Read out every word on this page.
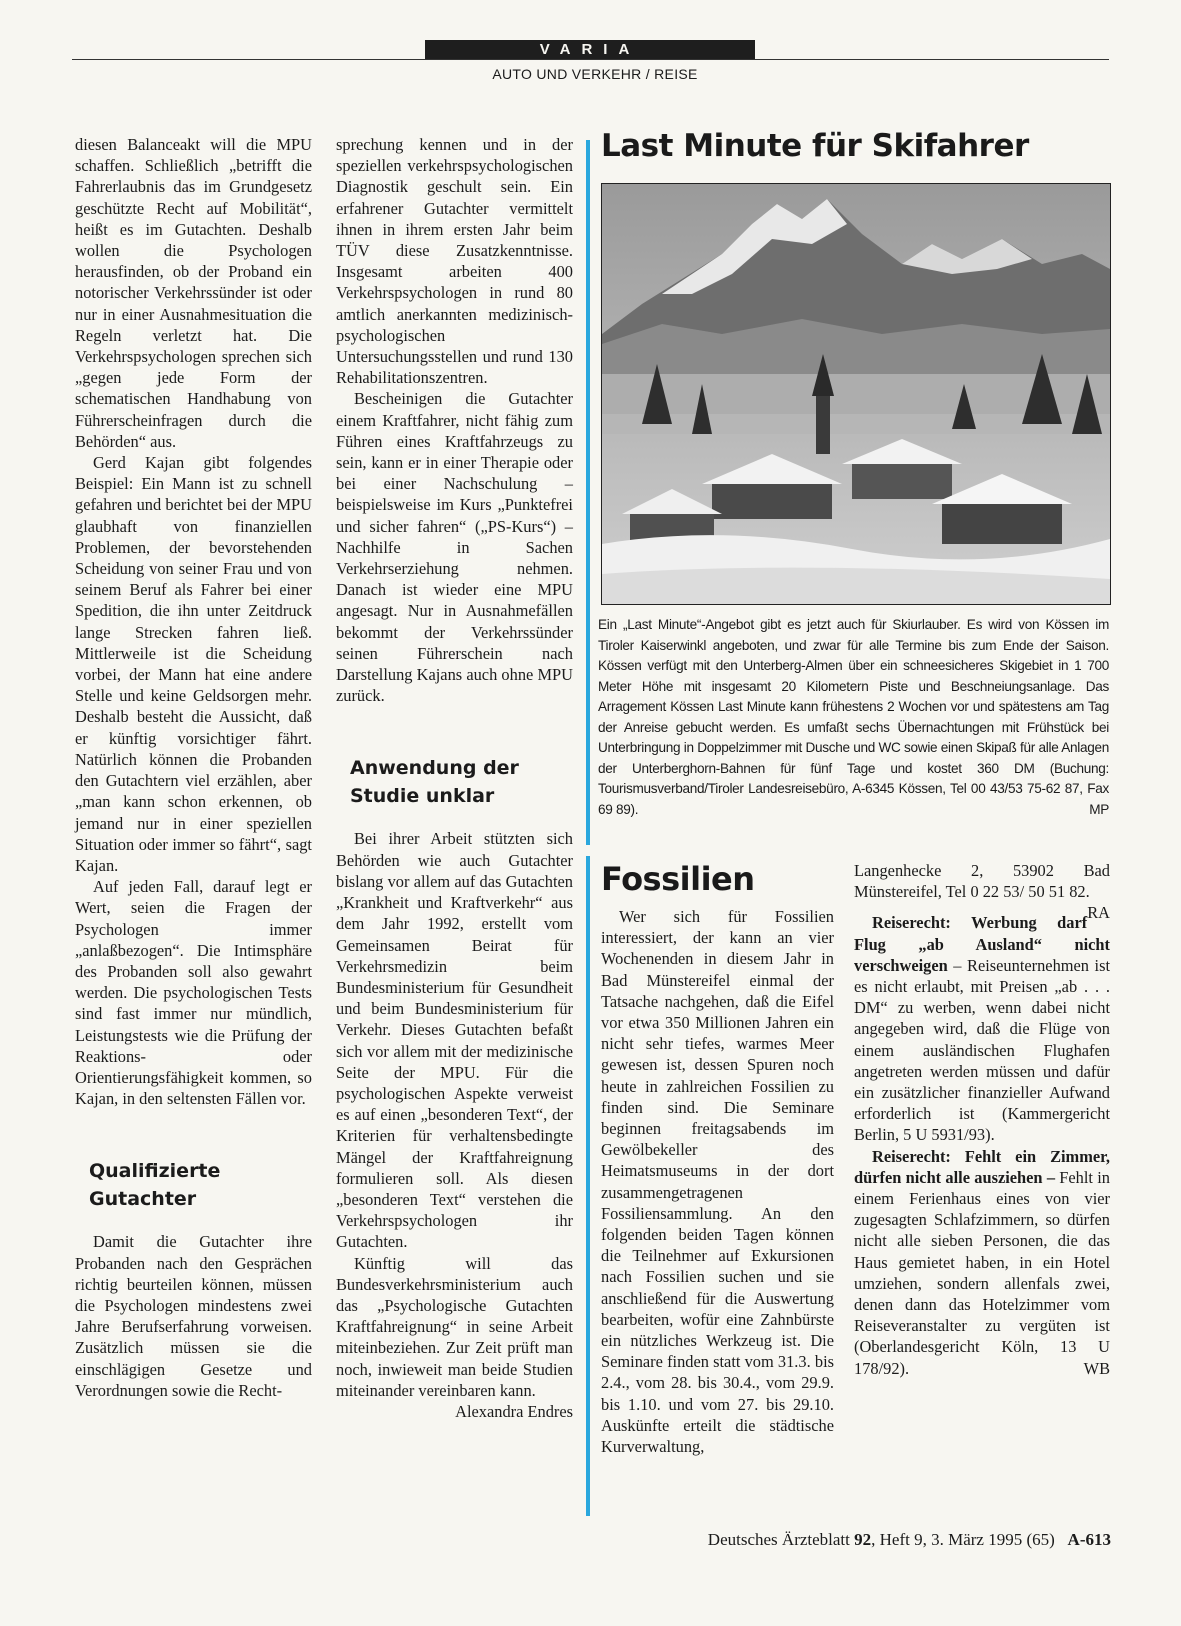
VARIA
AUTO UND VERKEHR / REISE

diesen Balanceakt will die MPU schaffen. Schließlich „betrifft die Fahrerlaubnis das im Grundgesetz geschützte Recht auf Mobilität“, heißt es im Gutachten. Deshalb wollen die Psychologen herausfinden, ob der Proband ein notorischer Verkehrssünder ist oder nur in einer Ausnahmesituation die Regeln verletzt hat. Die Verkehrspsychologen sprechen sich „gegen jede Form der schematischen Handhabung von Führerscheinfragen durch die Behörden“ aus.

Gerd Kajan gibt folgendes Beispiel: Ein Mann ist zu schnell gefahren und berichtet bei der MPU glaubhaft von finanziellen Problemen, der bevorstehenden Scheidung von seiner Frau und von seinem Beruf als Fahrer bei einer Spedition, die ihn unter Zeitdruck lange Strecken fahren ließ. Mittlerweile ist die Scheidung vorbei, der Mann hat eine andere Stelle und keine Geldsorgen mehr. Deshalb besteht die Aussicht, daß er künftig vorsichtiger fährt. Natürlich können die Probanden den Gutachtern viel erzählen, aber „man kann schon erkennen, ob jemand nur in einer speziellen Situation oder immer so fährt“, sagt Kajan.

Auf jeden Fall, darauf legt er Wert, seien die Fragen der Psychologen immer „anlaßbezogen“. Die Intimsphäre des Probanden soll also gewahrt werden. Die psychologischen Tests sind fast immer nur mündlich, Leistungstests wie die Prüfung der Reaktions- oder Orientierungsfähigkeit kommen, so Kajan, in den seltensten Fällen vor.

Qualifizierte Gutachter

Damit die Gutachter ihre Probanden nach den Gesprächen richtig beurteilen können, müssen die Psychologen mindestens zwei Jahre Berufserfahrung vorweisen. Zusätzlich müssen sie die einschlägigen Gesetze und Verordnungen sowie die Recht-

sprechung kennen und in der speziellen verkehrspsychologischen Diagnostik geschult sein. Ein erfahrener Gutachter vermittelt ihnen in ihrem ersten Jahr beim TÜV diese Zusatzkenntnisse. Insgesamt arbeiten 400 Verkehrspsychologen in rund 80 amtlich anerkannten medizinisch-psychologischen Untersuchungsstellen und rund 130 Rehabilitationszentren.

Bescheinigen die Gutachter einem Kraftfahrer, nicht fähig zum Führen eines Kraftfahrzeugs zu sein, kann er in einer Therapie oder bei einer Nachschulung – beispielsweise im Kurs „Punktefrei und sicher fahren“ („PS-Kurs“) – Nachhilfe in Sachen Verkehrserziehung nehmen. Danach ist wieder eine MPU angesagt. Nur in Ausnahmefällen bekommt der Verkehrssünder seinen Führerschein nach Darstellung Kajans auch ohne MPU zurück.

Anwendung der Studie unklar

Bei ihrer Arbeit stützten sich Behörden wie auch Gutachter bislang vor allem auf das Gutachten „Krankheit und Kraftverkehr“ aus dem Jahr 1992, erstellt vom Gemeinsamen Beirat für Verkehrsmedizin beim Bundesministerium für Gesundheit und beim Bundesministerium für Verkehr. Dieses Gutachten befaßt sich vor allem mit der medizinische Seite der MPU. Für die psychologischen Aspekte verweist es auf einen „besonderen Text“, der Kriterien für verhaltensbedingte Mängel der Kraftfahreignung formulieren soll. Als diesen „besonderen Text“ verstehen die Verkehrspsychologen ihr Gutachten.

Künftig will das Bundesverkehrsministerium auch das „Psychologische Gutachten Kraftfahreignung“ in seine Arbeit miteinbeziehen. Zur Zeit prüft man noch, inwieweit man beide Studien miteinander vereinbaren kann.
Alexandra Endres

Last Minute für Skifahrer
Ein „Last Minute“-Angebot gibt es jetzt auch für Skiurlauber. Es wird von Kössen im Tiroler Kaiserwinkl angeboten, und zwar für alle Termine bis zum Ende der Saison. Kössen verfügt mit den Unterberg-Almen über ein schneesicheres Skigebiet in 1 700 Meter Höhe mit insgesamt 20 Kilometern Piste und Beschneiungsanlage. Das Arragement Kössen Last Minute kann frühestens 2 Wochen vor und spätestens am Tag der Anreise gebucht werden. Es umfaßt sechs Übernachtungen mit Frühstück bei Unterbringung in Doppelzimmer mit Dusche und WC sowie einen Skipaß für alle Anlagen der Unterberghorn-Bahnen für fünf Tage und kostet 360 DM (Buchung: Tourismusverband/Tiroler Landesreisebüro, A-6345 Kössen, Tel 00 43/53 75-62 87, Fax 69 89).	MP
Fossilien

Wer sich für Fossilien interessiert, der kann an vier Wochenenden in diesem Jahr in Bad Münstereifel einmal der Tatsache nachgehen, daß die Eifel vor etwa 350 Millionen Jahren ein nicht sehr tiefes, warmes Meer gewesen ist, dessen Spuren noch heute in zahlreichen Fossilien zu finden sind. Die Seminare beginnen freitagsabends im Gewölbekeller des Heimatsmuseums in der dort zusammengetragenen Fossiliensammlung. An den folgenden beiden Tagen können die Teilnehmer auf Exkursionen nach Fossilien suchen und sie anschließend für die Auswertung bearbeiten, wofür eine Zahnbürste ein nützliches Werkzeug ist. Die Seminare finden statt vom 31.3. bis 2.4., vom 28. bis 30.4., vom 29.9. bis 1.10. und vom 27. bis 29.10. Auskünfte erteilt die städtische Kurverwaltung,

Langenhecke 2, 53902 Bad Münstereifel, Tel 0 22 53/ 50 51 82.
RA

Reiserecht: Werbung darf Flug „ab Ausland“ nicht verschweigen – Reiseunternehmen ist es nicht erlaubt, mit Preisen „ab . . . DM“ zu werben, wenn dabei nicht angegeben wird, daß die Flüge von einem ausländischen Flughafen angetreten werden müssen und dafür ein zusätzlicher finanzieller Aufwand erforderlich ist (Kammergericht Berlin, 5 U 5931/93).

Reiserecht: Fehlt ein Zimmer, dürfen nicht alle ausziehen – Fehlt in einem Ferienhaus eines von vier zugesagten Schlafzimmern, so dürfen nicht alle sieben Personen, die das Haus gemietet haben, in ein Hotel umziehen, sondern allenfals zwei, denen dann das Hotelzimmer vom Reiseveranstalter zu vergüten ist (Oberlandesgericht Köln, 13 U 178/92).	WB

Deutsches Ärzteblatt 92, Heft 9, 3. März 1995 (65) A-613
